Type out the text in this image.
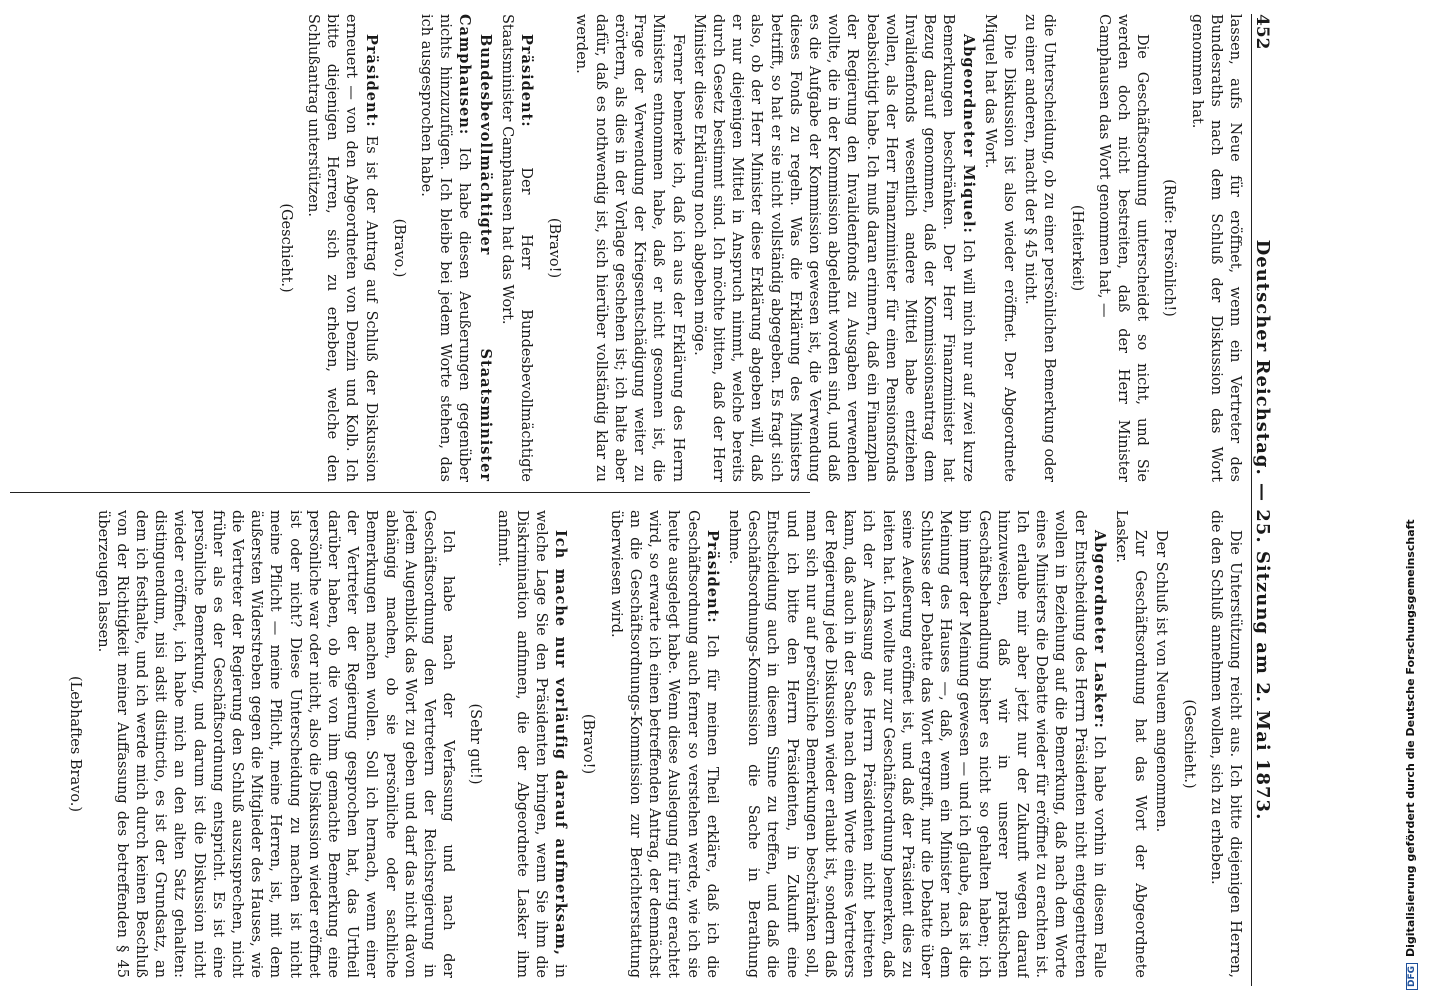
452
Deutscher Reichstag. — 25. Sitzung am 2. Mai 1873.

lassen, aufs Neue für eröffnet, wenn ein Vertreter des Bundesraths nach dem Schluß der Diskussion das Wort genommen hat.

(Rufe: Persönlich!)

Die Geschäftsordnung unterscheidet so nicht, und Sie werden doch nicht bestreiten, daß der Herr Minister Camphausen das Wort genommen hat, —

(Heiterkeit)

die Unterscheidung, ob zu einer persönlichen Bemerkung oder zu einer anderen, macht der § 45 nicht.

Die Diskussion ist also wieder eröffnet. Der Abgeordnete Miquel hat das Wort.

Abgeordneter Miquel: Ich will mich nur auf zwei kurze Bemerkungen beschränken. Der Herr Finanzminister hat Bezug darauf genommen, daß der Kommissionsantrag dem Invalidenfonds wesentlich andere Mittel habe entziehen wollen, als der Herr Finanzminister für einen Pensionsfonds beabsichtigt habe. Ich muß daran erinnern, daß ein Finanzplan der Regierung den Invalidenfonds zu Ausgaben verwenden wollte, die in der Kommission abgelehnt worden sind, und daß es die Aufgabe der Kommission gewesen ist, die Verwendung dieses Fonds zu regeln. Was die Erklärung des Ministers betrifft, so hat er sie nicht vollständig abgegeben. Es fragt sich also, ob der Herr Minister diese Erklärung abgeben will, daß er nur diejenigen Mittel in Anspruch nimmt, welche bereits durch Gesetz bestimmt sind. Ich möchte bitten, daß der Herr Minister diese Erklärung noch abgeben möge.

Ferner bemerke ich, daß ich aus der Erklärung des Herrn Ministers entnommen habe, daß er nicht gesonnen ist, die Frage der Verwendung der Kriegsentschädigung weiter zu erörtern, als dies in der Vorlage geschehen ist; ich halte aber dafür, daß es nothwendig ist, sich hierüber vollständig klar zu werden.

(Bravo!)

Präsident: Der Herr Bundesbevollmächtigte Staatsminister Camphausen hat das Wort.

Bundesbevollmächtigter Staatsminister Camphausen: Ich habe diesen Aeußerungen gegenüber nichts hinzuzufügen. Ich bleibe bei jedem Worte stehen, das ich ausgesprochen habe.

(Bravo.)

Präsident: Es ist der Antrag auf Schluß der Diskussion erneuert — von den Abgeordneten von Denzin und Kolb. Ich bitte diejenigen Herren, sich zu erheben, welche den Schlußantrag unterstützen.

(Geschieht.)

Die Unterstützung reicht aus. Ich bitte diejenigen Herren, die den Schluß annehmen wollen, sich zu erheben.

(Geschieht.)

Der Schluß ist von Neuem angenommen.

Zur Geschäftsordnung hat das Wort der Abgeordnete Lasker.

Abgeordneter Lasker: Ich habe vorhin in diesem Falle der Entscheidung des Herrn Präsidenten nicht entgegentreten wollen in Beziehung auf die Bemerkung, daß nach dem Worte eines Ministers die Debatte wieder für eröffnet zu erachten ist. Ich erlaube mir aber jetzt nur der Zukunft wegen darauf hinzuweisen, daß wir in unserer praktischen Geschäftsbehandlung bisher es nicht so gehalten haben; ich bin immer der Meinung gewesen — und ich glaube, das ist die Meinung des Hauses —, daß, wenn ein Minister nach dem Schlusse der Debatte das Wort ergreift, nur die Debatte über seine Aeußerung eröffnet ist, und daß der Präsident dies zu leiten hat. Ich wollte nur zur Geschäftsordnung bemerken, daß ich der Auffassung des Herrn Präsidenten nicht beitreten kann, daß auch in der Sache nach dem Worte eines Vertreters der Regierung jede Diskussion wieder erlaubt ist, sondern daß man sich nur auf persönliche Bemerkungen beschränken soll, und ich bitte den Herrn Präsidenten, in Zukunft eine Entscheidung auch in diesem Sinne zu treffen, und daß die Geschäftsordnungs-Kommission die Sache in Berathung nehme.

Präsident: Ich für meinen Theil erkläre, daß ich die Geschäftsordnung auch ferner so verstehen werde, wie ich sie heute ausgelegt habe. Wenn diese Auslegung für irrig erachtet wird, so erwarte ich einen betreffenden Antrag, der demnächst an die Geschäftsordnungs-Kommission zur Berichterstattung überwiesen wird.

(Bravo!)

Ich mache nur vorläufig darauf aufmerksam, in welche Lage Sie den Präsidenten bringen, wenn Sie ihm die Diskrimination anfinnen, die der Abgeordnete Lasker ihm anfinnt.

(Sehr gut!)

Ich habe nach der Verfassung und nach der Geschäftsordnung den Vertretern der Reichsregierung in jedem Augenblick das Wort zu geben und darf das nicht davon abhängig machen, ob sie persönliche oder sachliche Bemerkungen machen wollen. Soll ich hernach, wenn einer der Vertreter der Regierung gesprochen hat, das Urtheil darüber haben, ob die von ihm gemachte Bemerkung eine persönliche war oder nicht, also die Diskussion wieder eröffnet ist oder nicht? Diese Unterscheidung zu machen ist nicht meine Pflicht — meine Pflicht, meine Herren, ist, mit dem äußersten Widerstreben gegen die Mitglieder des Hauses, wie die Vertreter der Regierung den Schluß auszusprechen, nicht früher als es der Geschäftsordnung entspricht. Es ist eine persönliche Bemerkung, und darum ist die Diskussion nicht wieder eröffnet, ich habe mich an den alten Satz gehalten: distinguendum, nisi adsit distinctio, es ist der Grundsatz, an dem ich festhalte, und ich werde mich durch keinen Beschluß von der Richtigkeit meiner Auffassung des betreffenden § 45 überzeugen lassen.

(Lebhaftes Bravo.)

DFGDigitalisierung gefördert durch die Deutsche Forschungsgemeinschaft
